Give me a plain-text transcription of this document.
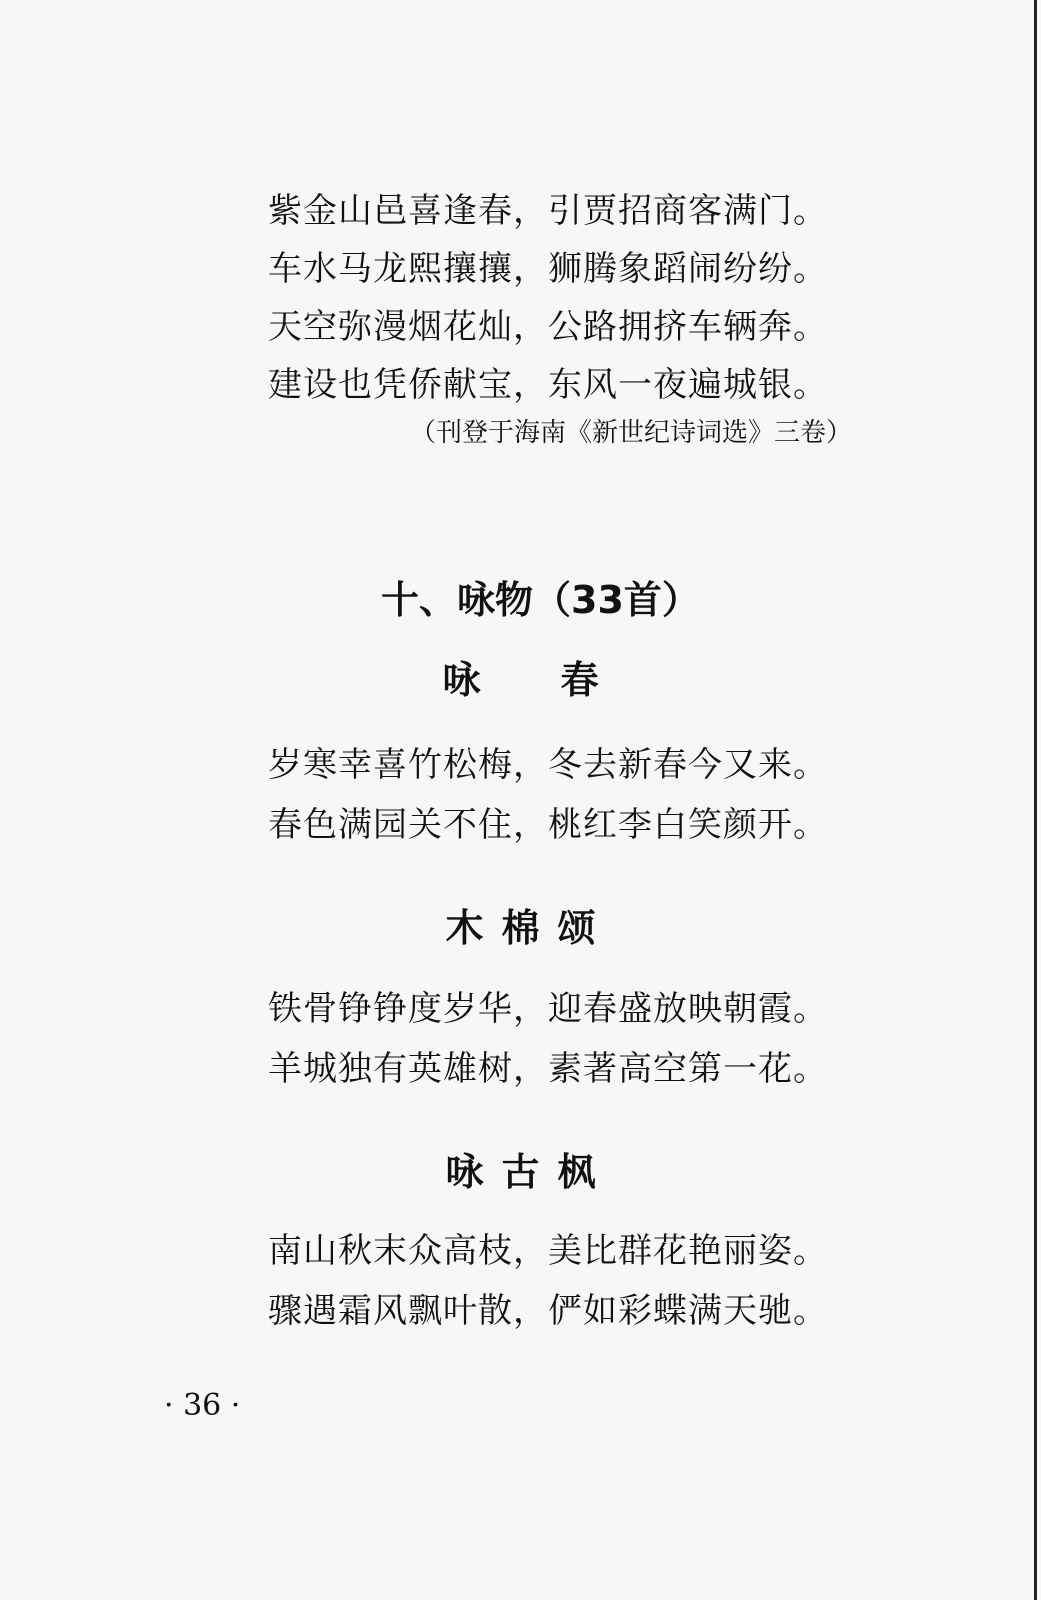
紫金山邑喜逢春，引贾招商客满门。
车水马龙熙攘攘，狮腾象蹈闹纷纷。
天空弥漫烟花灿，公路拥挤车辆奔。
建设也凭侨献宝，东风一夜遍城银。
（刊登于海南《新世纪诗词选》三卷）
十、咏物（33首）
咏春
岁寒幸喜竹松梅，冬去新春今又来。
春色满园关不住，桃红李白笑颜开。
木棉颂
铁骨铮铮度岁华，迎春盛放映朝霞。
羊城独有英雄树，素著高空第一花。
咏古枫
南山秋末众高枝，美比群花艳丽姿。
骤遇霜风飘叶散，俨如彩蝶满天驰。
· 36 ·
